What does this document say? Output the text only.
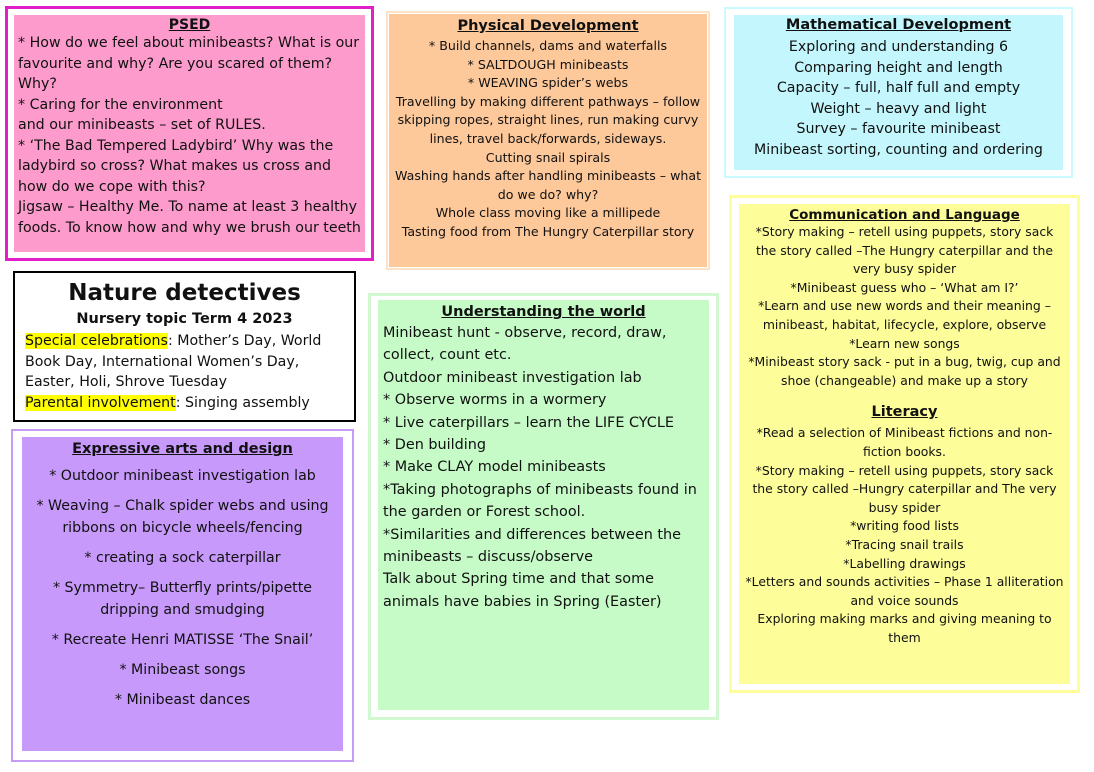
PSED

* How do we feel about minibeasts? What is our favourite and why? Are you scared of them? Why?

* Caring for the environment

and our minibeasts – set of RULES.

* ‘The Bad Tempered Ladybird’ Why was the ladybird so cross? What makes us cross and how do we cope with this?

Jigsaw – Healthy Me. To name at least 3 healthy foods. To know how and why we brush our teeth

Physical Development

* Build channels, dams and waterfalls

* SALTDOUGH minibeasts

* WEAVING spider’s webs

Travelling by making different pathways – follow skipping ropes, straight lines, run making curvy lines, travel back/forwards, sideways.

Cutting snail spirals

Washing hands after handling minibeasts – what do we do? why?

Whole class moving like a millipede

Tasting food from The Hungry Caterpillar story

Mathematical Development

Exploring and understanding 6

Comparing height and length

Capacity – full, half full and empty

Weight – heavy and light

Survey – favourite minibeast

Minibeast sorting, counting and ordering

Nature detectives
Nursery topic Term 4 2023

Special celebrations: Mother’s Day, World Book Day, International Women’s Day, Easter, Holi, Shrove Tuesday

Parental involvement: Singing assembly

Expressive arts and design

* Outdoor minibeast investigation lab

* Weaving – Chalk spider webs and using ribbons on bicycle wheels/fencing

* creating a sock caterpillar

* Symmetry– Butterfly prints/pipette dripping and smudging

* Recreate Henri MATISSE ‘The Snail’

* Minibeast songs

* Minibeast dances

Understanding the world

Minibeast hunt - observe, record, draw, collect, count etc.

Outdoor minibeast investigation lab

* Observe worms in a wormery

* Live caterpillars – learn the LIFE CYCLE

* Den building

* Make CLAY model minibeasts

*Taking photographs of minibeasts found in the garden or Forest school.

*Similarities and differences between the minibeasts – discuss/observe

Talk about Spring time and that some animals have babies in Spring (Easter)

Communication and Language

*Story making – retell using puppets, story sack the story called –The Hungry caterpillar and the very busy spider

*Minibeast guess who – ‘What am I?’

*Learn and use new words and their meaning – minibeast, habitat, lifecycle, explore, observe

*Learn new songs

*Minibeast story sack - put in a bug, twig, cup and shoe (changeable) and make up a story

Literacy

*Read a selection of Minibeast fictions and non-fiction books.

*Story making – retell using puppets, story sack the story called –Hungry caterpillar and The very busy spider

*writing food lists

*Tracing snail trails

*Labelling drawings

*Letters and sounds activities – Phase 1 alliteration and voice sounds

Exploring making marks and giving meaning to them
